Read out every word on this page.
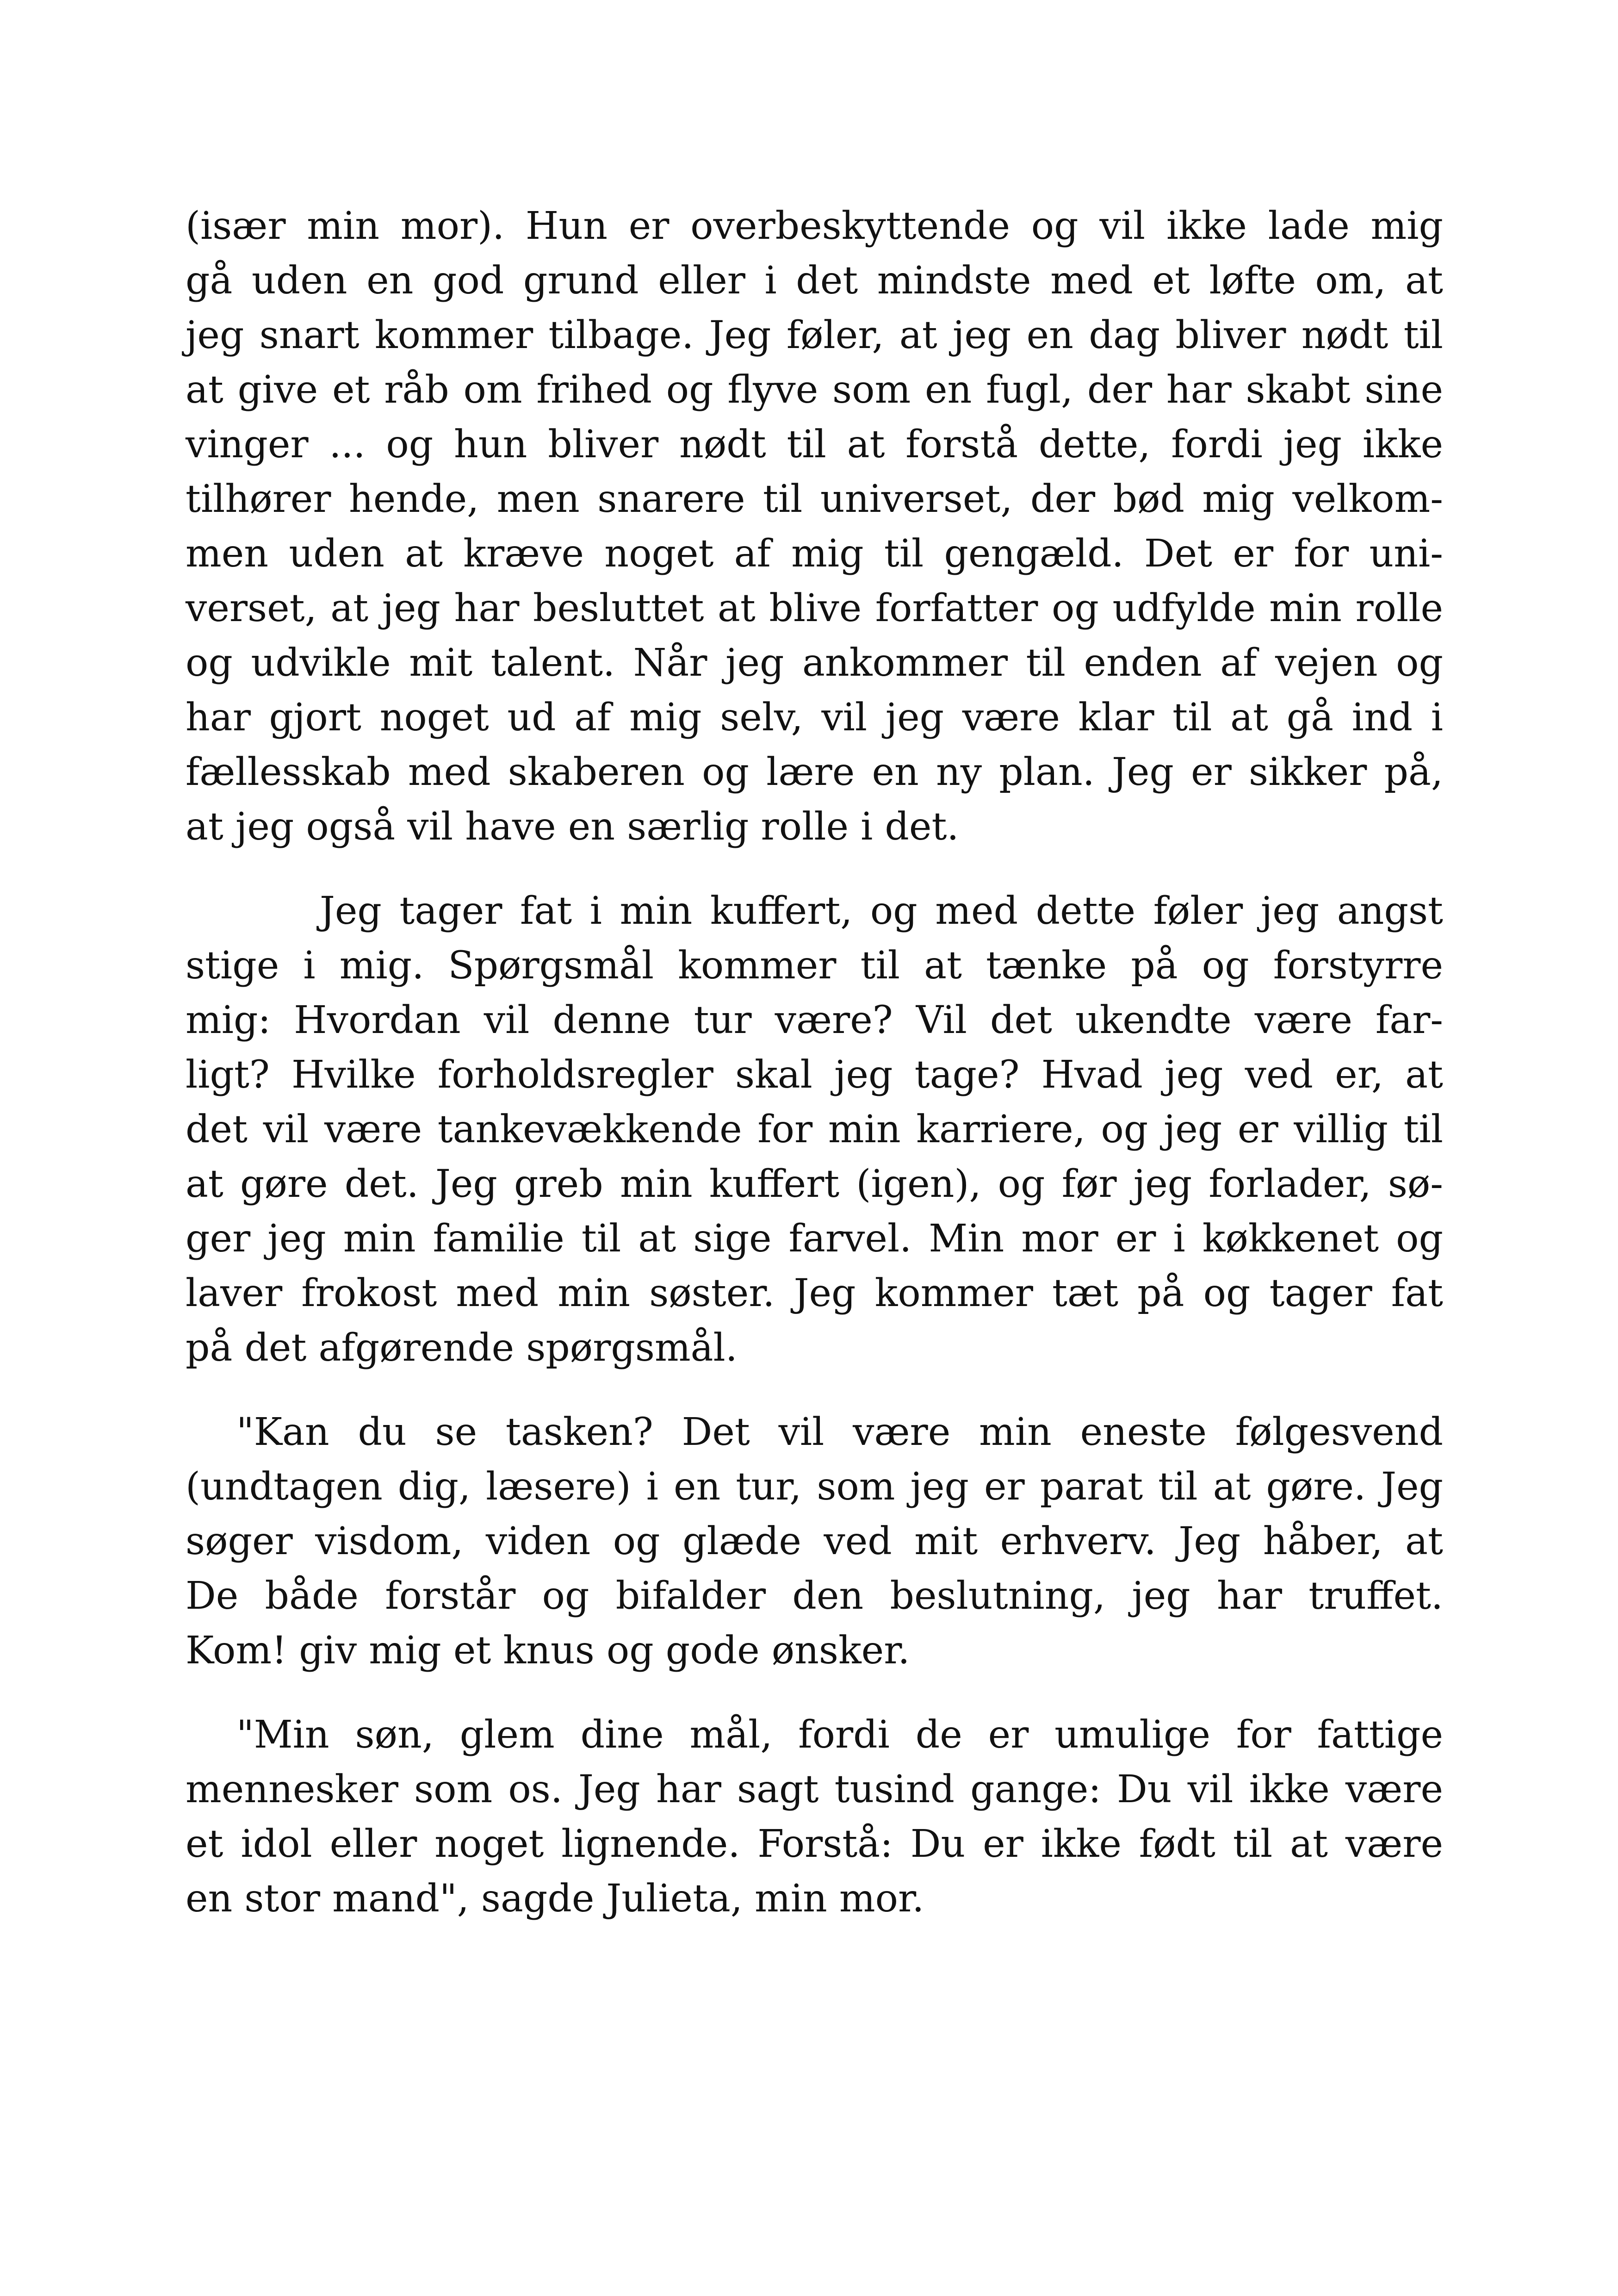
(især min mor). Hun er overbeskyttende og vil ikke lade mig
gå uden en god grund eller i det mindste med et løfte om, at
jeg snart kommer tilbage. Jeg føler, at jeg en dag bliver nødt til
at give et råb om frihed og flyve som en fugl, der har skabt sine
vinger ... og hun bliver nødt til at forstå dette, fordi jeg ikke
tilhører hende, men snarere til universet, der bød mig velkom-
men uden at kræve noget af mig til gengæld. Det er for uni-
verset, at jeg har besluttet at blive forfatter og udfylde min rolle
og udvikle mit talent. Når jeg ankommer til enden af vejen og
har gjort noget ud af mig selv, vil jeg være klar til at gå ind i
fællesskab med skaberen og lære en ny plan. Jeg er sikker på,
at jeg også vil have en særlig rolle i det.
Jeg tager fat i min kuffert, og med dette føler jeg angst
stige i mig. Spørgsmål kommer til at tænke på og forstyrre
mig: Hvordan vil denne tur være? Vil det ukendte være far-
ligt? Hvilke forholdsregler skal jeg tage? Hvad jeg ved er, at
det vil være tankevækkende for min karriere, og jeg er villig til
at gøre det. Jeg greb min kuffert (igen), og før jeg forlader, sø-
ger jeg min familie til at sige farvel. Min mor er i køkkenet og
laver frokost med min søster. Jeg kommer tæt på og tager fat
på det afgørende spørgsmål.
"Kan du se tasken? Det vil være min eneste følgesvend
(undtagen dig, læsere) i en tur, som jeg er parat til at gøre. Jeg
søger visdom, viden og glæde ved mit erhverv. Jeg håber, at
De både forstår og bifalder den beslutning, jeg har truffet.
Kom! giv mig et knus og gode ønsker.
"Min søn, glem dine mål, fordi de er umulige for fattige
mennesker som os. Jeg har sagt tusind gange: Du vil ikke være
et idol eller noget lignende. Forstå: Du er ikke født til at være
en stor mand", sagde Julieta, min mor.
